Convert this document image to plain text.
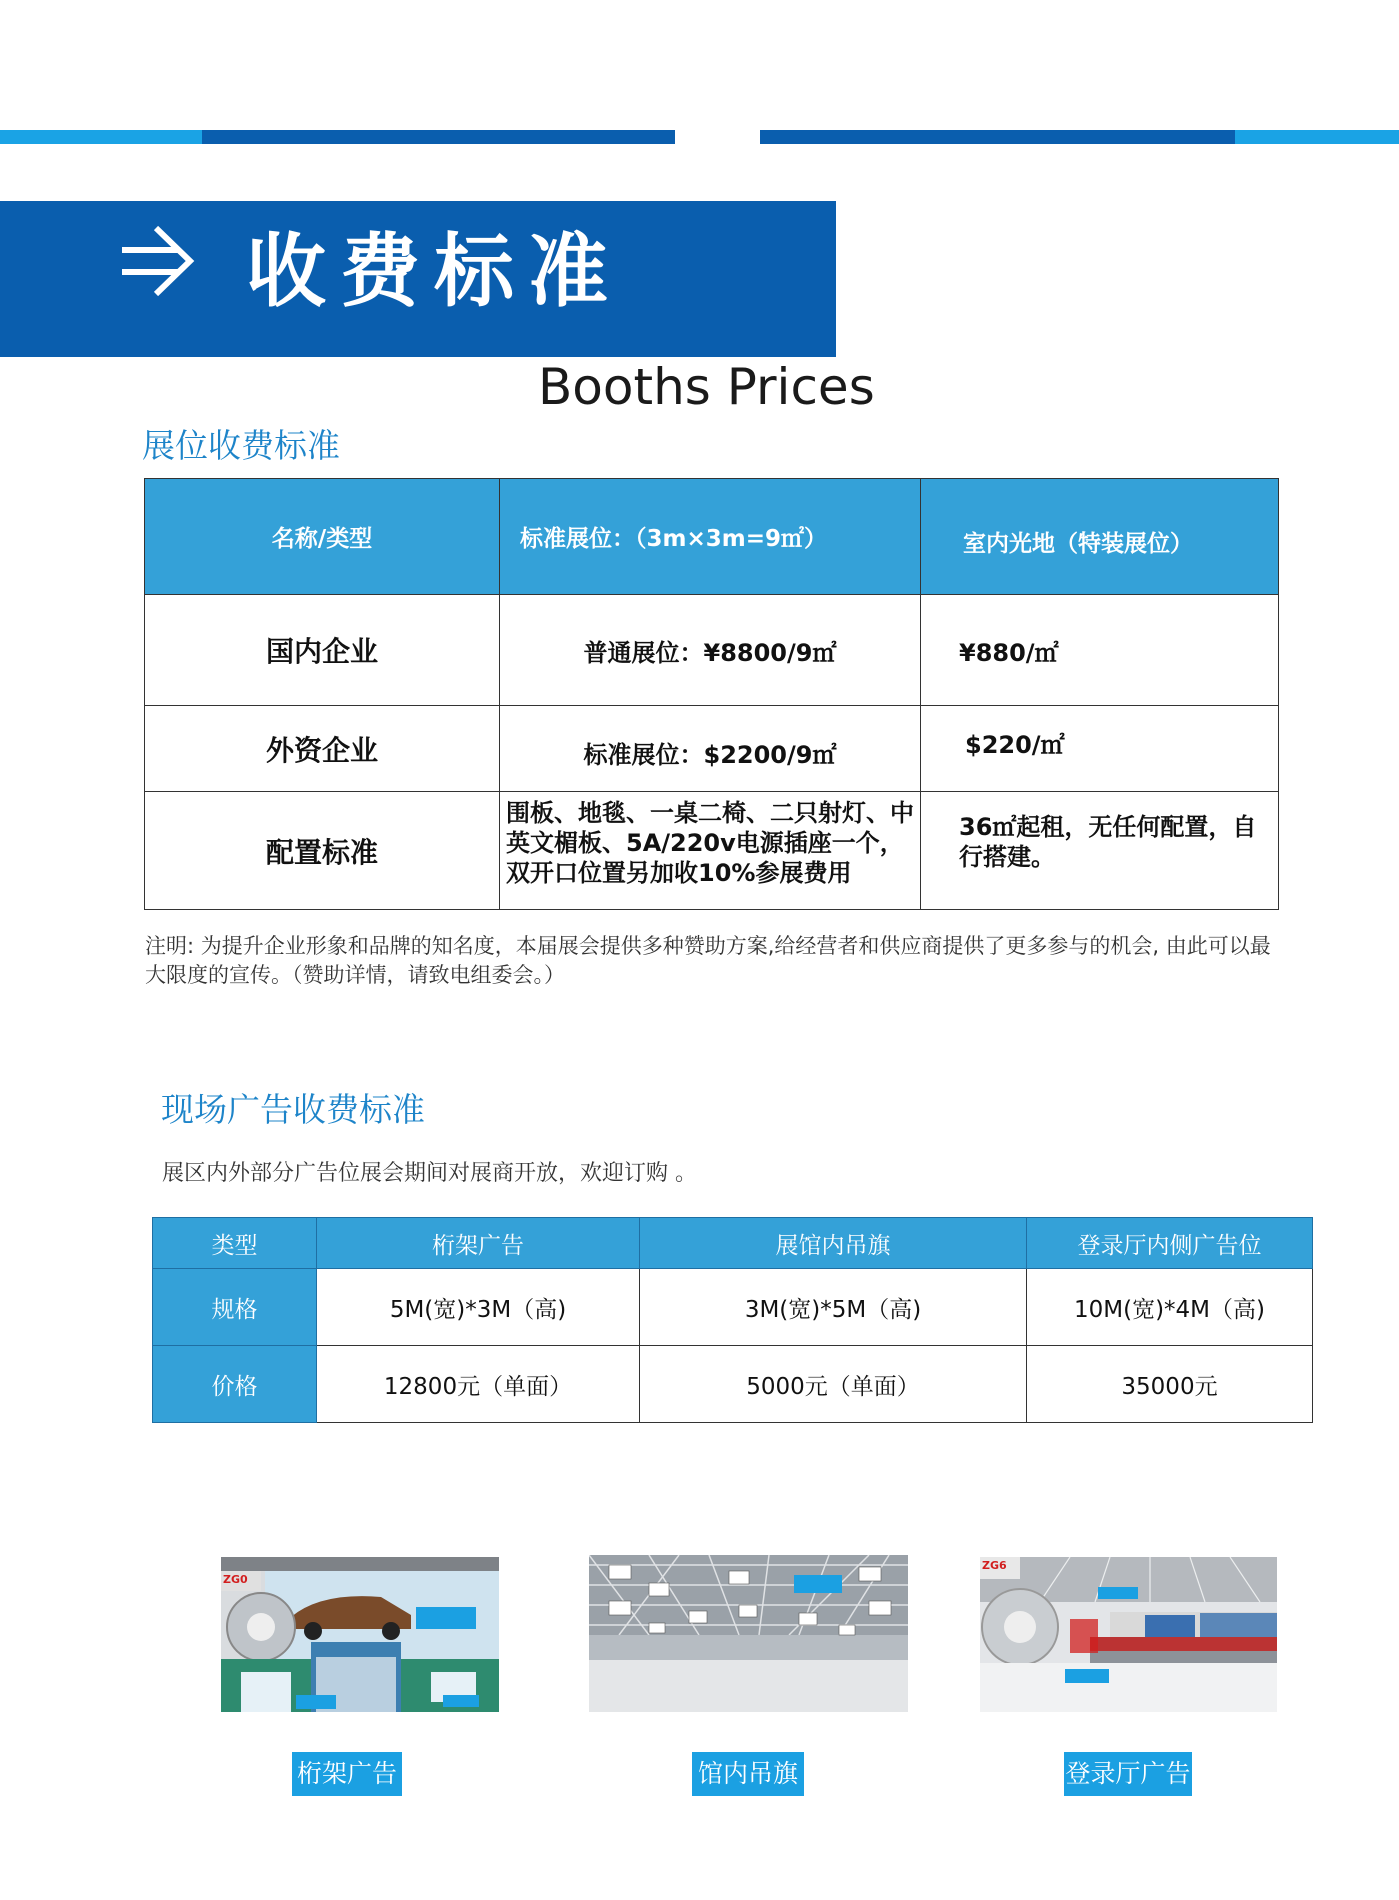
收费标准
Booths Prices
展位收费标准
名称/类型	标准展位：（3m×3m=9㎡）	室内光地（特装展位）
国内企业	普通展位：¥8800/9㎡	¥880/㎡
外资企业	标准展位：$2200/9㎡	$220/㎡
配置标准	围板、地毯、一桌二椅、二只射灯、中英文楣板、5A/220v电源插座一个，双开口位置另加收10%参展费用	36㎡起租，无任何配置，自行搭建。
注明: 为提升企业形象和品牌的知名度，本届展会提供多种赞助方案,给经营者和供应商提供了更多参与的机会, 由此可以最大限度的宣传。（赞助详情，请致电组委会。）
现场广告收费标准
展区内外部分广告位展会期间对展商开放，欢迎订购 。
类型	桁架广告	展馆内吊旗	登录厅内侧广告位
规格	5M(宽)*3M（高)	3M(宽)*5M（高)	10M(宽)*4M（高)
价格	12800元（单面）	5000元（单面）	35000元
ZG0
ZG6
桁架广告	馆内吊旗	登录厅广告
